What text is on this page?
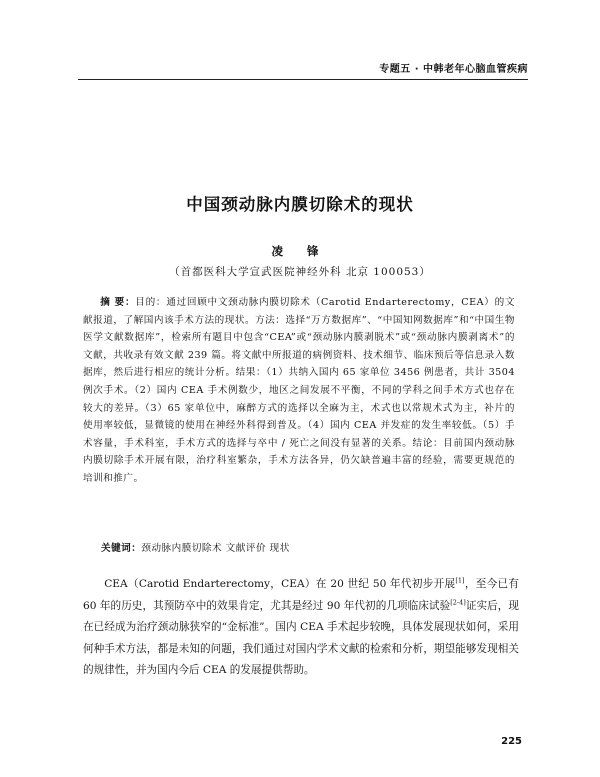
专题五 · 中韩老年心脑血管疾病
中国颈动脉内膜切除术的现状
凌 锋
（首都医科大学宣武医院神经外科 北京 100053）
摘 要：目的：通过回顾中文颈动脉内膜切除术（Carotid Endarterectomy，CEA）的文献报道，了解国内该手术方法的现状。方法：选择“万方数据库”、“中国知网数据库”和“中国生物医学文献数据库”，检索所有题目中包含“CEA”或“颈动脉内膜剥脱术”或“颈动脉内膜剥离术”的文献，共收录有效文献 239 篇。将文献中所报道的病例资料、技术细节、临床预后等信息录入数据库，然后进行相应的统计分析。结果：（1）共纳入国内 65 家单位 3456 例患者，共计 3504 例次手术。（2）国内 CEA 手术例数少，地区之间发展不平衡，不同的学科之间手术方式也存在较大的差异。（3）65 家单位中，麻醉方式的选择以全麻为主，术式也以常规术式为主，补片的使用率较低，显微镜的使用在神经外科得到普及。（4）国内 CEA 并发症的发生率较低。（5）手术容量，手术科室，手术方式的选择与卒中 / 死亡之间没有显著的关系。结论：目前国内颈动脉内膜切除手术开展有限，治疗科室繁杂，手术方法各异，仍欠缺普遍丰富的经验，需要更规范的培训和推广。
关键词：颈动脉内膜切除术 文献评价 现状

CEA（Carotid Endarterectomy，CEA）在 20 世纪 50 年代初步开展[1]，至今已有 60 年的历史，其预防卒中的效果肯定，尤其是经过 90 年代初的几项临床试验[2-4]证实后，现在已经成为治疗颈动脉狭窄的“金标准”。国内 CEA 手术起步较晚，具体发展现状如何，采用何种手术方法，都是未知的问题，我们通过对国内学术文献的检索和分析，期望能够发现相关的规律性，并为国内今后 CEA 的发展提供帮助。

225
